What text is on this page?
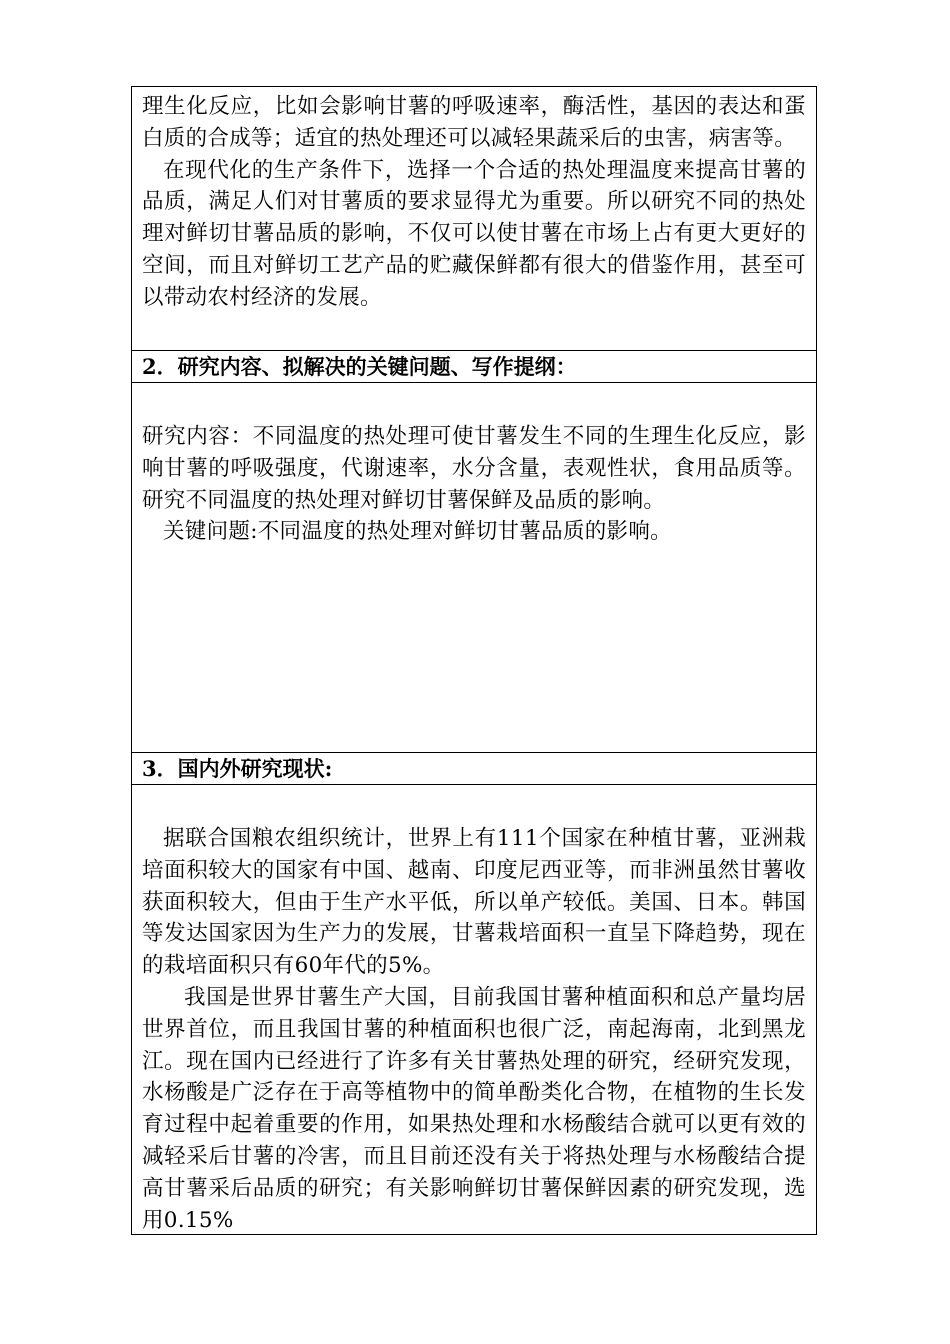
理生化反应，比如会影响甘薯的呼吸速率，酶活性，基因的表达和蛋白质的合成等；适宜的热处理还可以减轻果蔬采后的虫害，病害等。

在现代化的生产条件下，选择一个合适的热处理温度来提高甘薯的品质，满足人们对甘薯质的要求显得尤为重要。所以研究不同的热处理对鲜切甘薯品质的影响，不仅可以使甘薯在市场上占有更大更好的空间，而且对鲜切工艺产品的贮藏保鲜都有很大的借鉴作用，甚至可以带动农村经济的发展。

2．研究内容、拟解决的关键问题、写作提纲：

研究内容：不同温度的热处理可使甘薯发生不同的生理生化反应，影响甘薯的呼吸强度，代谢速率，水分含量，表观性状，食用品质等。研究不同温度的热处理对鲜切甘薯保鲜及品质的影响。

关键问题:不同温度的热处理对鲜切甘薯品质的影响。

3．国内外研究现状:

据联合国粮农组织统计，世界上有111个国家在种植甘薯，亚洲栽培面积较大的国家有中国、越南、印度尼西亚等，而非洲虽然甘薯收获面积较大，但由于生产水平低，所以单产较低。美国、日本。韩国等发达国家因为生产力的发展，甘薯栽培面积一直呈下降趋势，现在的栽培面积只有60年代的5%。

我国是世界甘薯生产大国，目前我国甘薯种植面积和总产量均居世界首位，而且我国甘薯的种植面积也很广泛，南起海南，北到黑龙江。现在国内已经进行了许多有关甘薯热处理的研究，经研究发现，水杨酸是广泛存在于高等植物中的简单酚类化合物，在植物的生长发育过程中起着重要的作用，如果热处理和水杨酸结合就可以更有效的减轻采后甘薯的冷害，而且目前还没有关于将热处理与水杨酸结合提高甘薯采后品质的研究；有关影响鲜切甘薯保鲜因素的研究发现，选用0.15%
